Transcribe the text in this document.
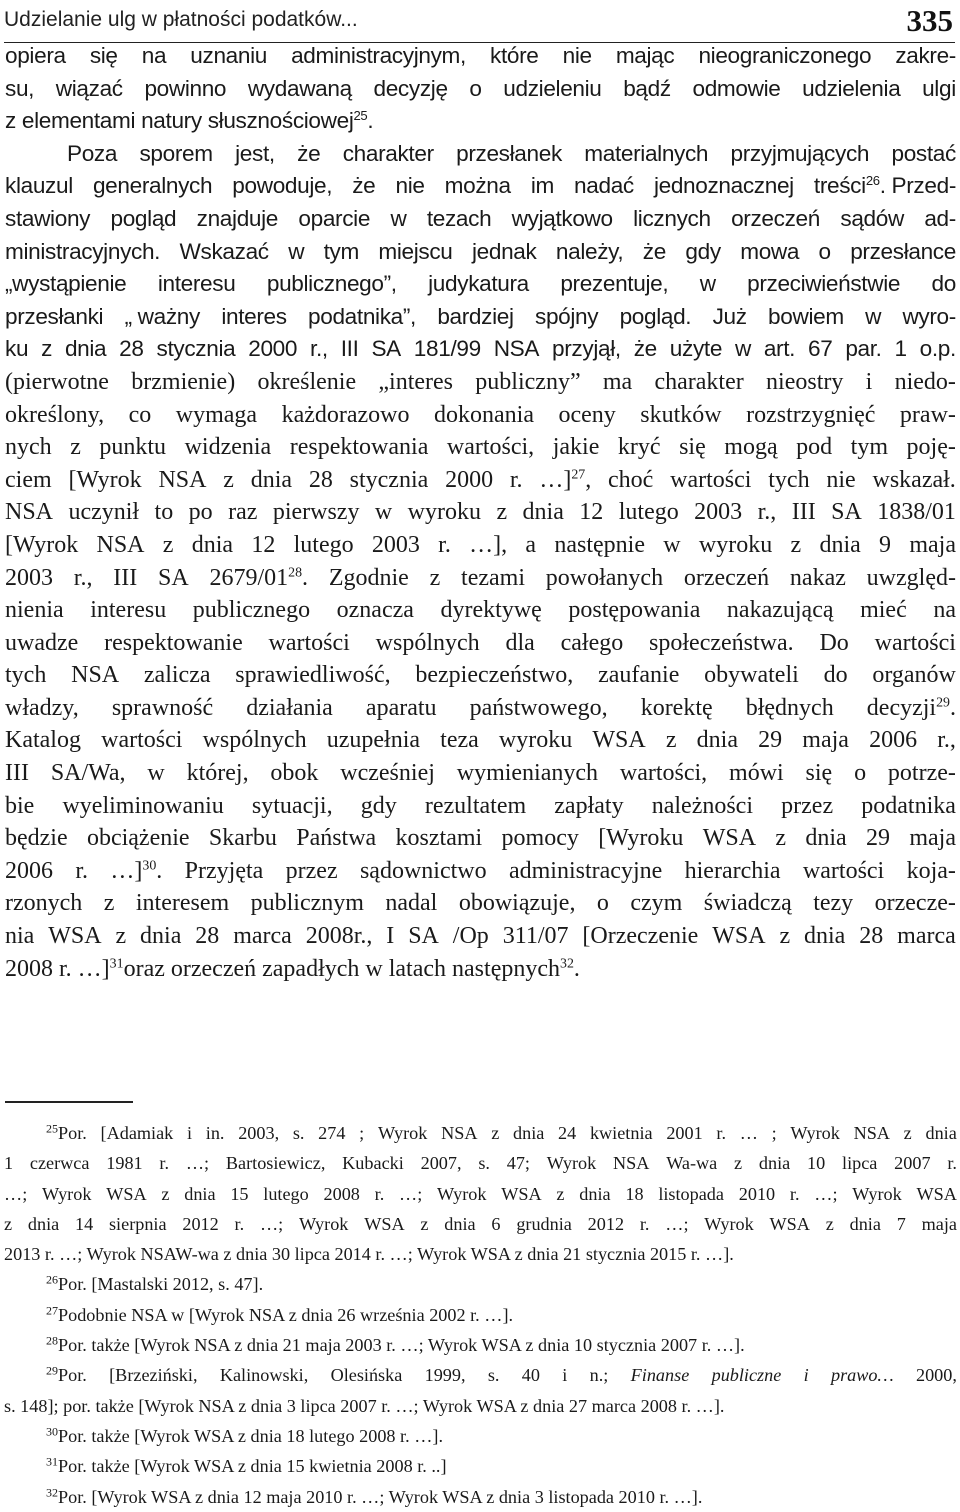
Udzielanie ulg w płatności podatków...	335
opiera się na uznaniu administracyjnym, które nie mając nieograniczonego zakre-
su, wiązać powinno wydawaną decyzję o udzieleniu bądź odmowie udzielenia ulgi
z elementami natury słusznościowej $^{25}$ .
Poza sporem jest, że charakter przesłanek materialnych przyjmujących postać
klauzul generalnych powoduje, że nie można im nadać jednoznacznej treści$^{26}$. Przed-
stawiony pogląd znajduje oparcie w tezach wyjątkowo licznych orzeczeń sądów ad-
ministracyjnych. Wskazać w tym miejscu jednak należy, że gdy mowa o przesłance
„wystąpienie interesu publicznego”, judykatura prezentuje, w przeciwieństwie do
przesłanki „ ważny interes podatnika”, bardziej spójny pogląd. Już bowiem w wyro-
ku z dnia 28 stycznia 2000 r., III SA 181/99 NSA przyjął, że użyte w art. 67 par. 1 o.p.
(pierwotne brzmienie) określenie „interes publiczny” ma charakter nieostry i niedo-
określony, co wymaga każdorazowo dokonania oceny skutków rozstrzygnięć praw-
nych z punktu widzenia respektowania wartości, jakie kryć się mogą pod tym poję-
ciem [Wyrok NSA z dnia 28 stycznia 2000 r. …]$^{27}$, choć wartości tych nie wskazał.
NSA uczynił to po raz pierwszy w wyroku z dnia 12 lutego 2003 r., III SA 1838/01
[Wyrok NSA z dnia 12 lutego 2003 r. …], a następnie w wyroku z dnia 9 maja
2003 r., III SA $2679/01^{28}$. Zgodnie z tezami powołanych orzeczeń nakaz uwzględ-
nienia interesu publicznego oznacza dyrektywę postępowania nakazującą mieć na
uwadze respektowanie wartości wspólnych dla całego społeczeństwa. Do wartości
tych NSA zalicza sprawiedliwość, bezpieczeństwo, zaufanie obywateli do organów
władzy, sprawność działania aparatu państwowego, korektę błędnych decyzji$^{29}$.
Katalog wartości wspólnych uzupełnia teza wyroku WSA z dnia 29 maja 2006 r.,
III SA/Wa, w której, obok wcześniej wymienianych wartości, mówi się o potrze-
bie wyeliminowaniu sytuacji, gdy rezultatem zapłaty należności przez podatnika
będzie obciążenie Skarbu Państwa kosztami pomocy [Wyroku WSA z dnia 29 maja
2006 r. …]$^{30}$. Przyjęta przez sądownictwo administracyjne hierarchia wartości koja-
rzonych z interesem publicznym nadal obowiązuje, o czym świadczą tezy orzecze-
nia WSA z dnia 28 marca 2008r., I SA /Op 311/07 [Orzeczenie WSA z dnia 28 marca
2008 r. …] $^{31}$ oraz orzeczeń zapadłych w latach następnych $^{32}$ .
$^{25}$Por. [Adamiak i in. 2003, s. 274 ; Wyrok NSA z dnia 24 kwietnia 2001 r. … ; Wyrok NSA z dnia
1 czerwca 1981 r. …; Bartosiewicz, Kubacki 2007, s. 47; Wyrok NSA Wa-wa z dnia 10 lipca 2007 r.
…; Wyrok WSA z dnia 15 lutego 2008 r. …; Wyrok WSA z dnia 18 listopada 2010 r. …; Wyrok WSA
z dnia 14 sierpnia 2012 r. …; Wyrok WSA z dnia 6 grudnia 2012 r. …; Wyrok WSA z dnia 7 maja
2013 r. …; Wyrok NSAW-wa z dnia 30 lipca 2014 r. …; Wyrok WSA z dnia 21 stycznia 2015 r. …].
$^{26}$ Por. [Mastalski 2012, s. 47].
$^{27}$ Podobnie NSA w [Wyrok NSA z dnia 26 września 2002 r. …].
$^{28}$ Por. także [Wyrok NSA z dnia 21 maja 2003 r. …; Wyrok WSA z dnia 10 stycznia 2007 r. …].
$^{29}$Por. [Brzeziński, Kalinowski, Olesińska 1999, s. 40 i n.; Finanse publiczne i prawo… 2000,
s. 148]; por. także [Wyrok NSA z dnia 3 lipca 2007 r. …; Wyrok WSA z dnia 27 marca 2008 r. …].
$^{30}$ Por. także [Wyrok WSA z dnia 18 lutego 2008 r. …].
$^{31}$ Por. także [Wyrok WSA z dnia 15 kwietnia 2008 r. ..]
$^{32}$ Por. [Wyrok WSA z dnia 12 maja 2010 r. …; Wyrok WSA z dnia 3 listopada 2010 r. …].
